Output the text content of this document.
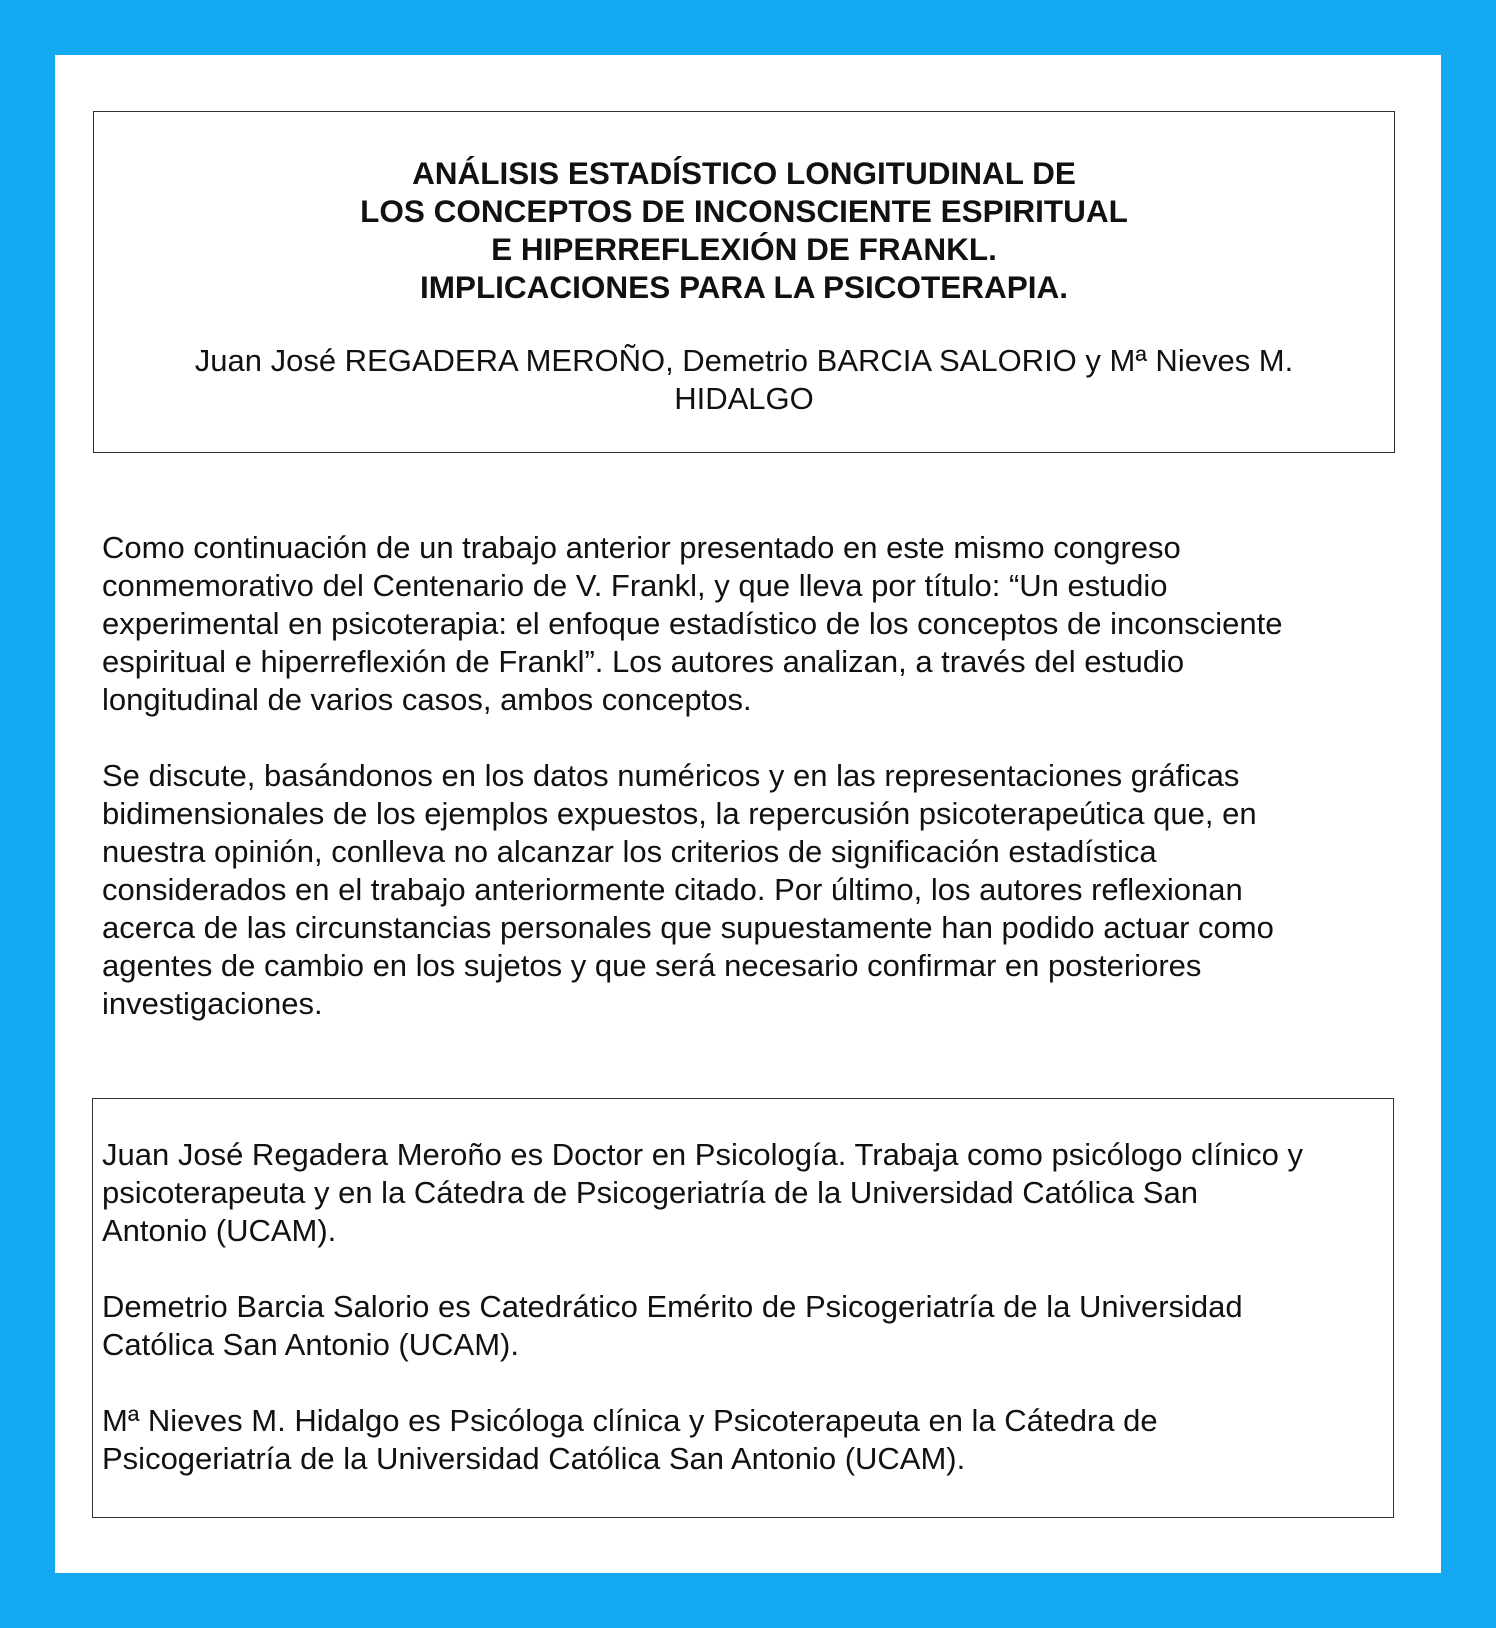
ANÁLISIS ESTADÍSTICO LONGITUDINAL DE
LOS CONCEPTOS DE INCONSCIENTE ESPIRITUAL
E HIPERREFLEXIÓN DE FRANKL.
IMPLICACIONES PARA LA PSICOTERAPIA.
Juan José REGADERA MEROÑO, Demetrio BARCIA SALORIO y Mª Nieves M.
HIDALGO

Como continuación de un trabajo anterior presentado en este mismo congreso
conmemorativo del Centenario de V. Frankl, y que lleva por título: “Un estudio
experimental en psicoterapia: el enfoque estadístico de los conceptos de inconsciente
espiritual e hiperreflexión de Frankl”. Los autores analizan, a través del estudio
longitudinal de varios casos, ambos conceptos.

Se discute, basándonos en los datos numéricos y en las representaciones gráficas
bidimensionales de los ejemplos expuestos, la repercusión psicoterapeútica que, en
nuestra opinión, conlleva no alcanzar los criterios de significación estadística
considerados en el trabajo anteriormente citado. Por último, los autores reflexionan
acerca de las circunstancias personales que supuestamente han podido actuar como
agentes de cambio en los sujetos y que será necesario confirmar en posteriores
investigaciones.

Juan José Regadera Meroño es Doctor en Psicología. Trabaja como psicólogo clínico y
psicoterapeuta y en la Cátedra de Psicogeriatría de la Universidad Católica San
Antonio (UCAM).

Demetrio Barcia Salorio es Catedrático Emérito de Psicogeriatría de la Universidad
Católica San Antonio (UCAM).

Mª Nieves M. Hidalgo es Psicóloga clínica y Psicoterapeuta en la Cátedra de
Psicogeriatría de la Universidad Católica San Antonio (UCAM).
